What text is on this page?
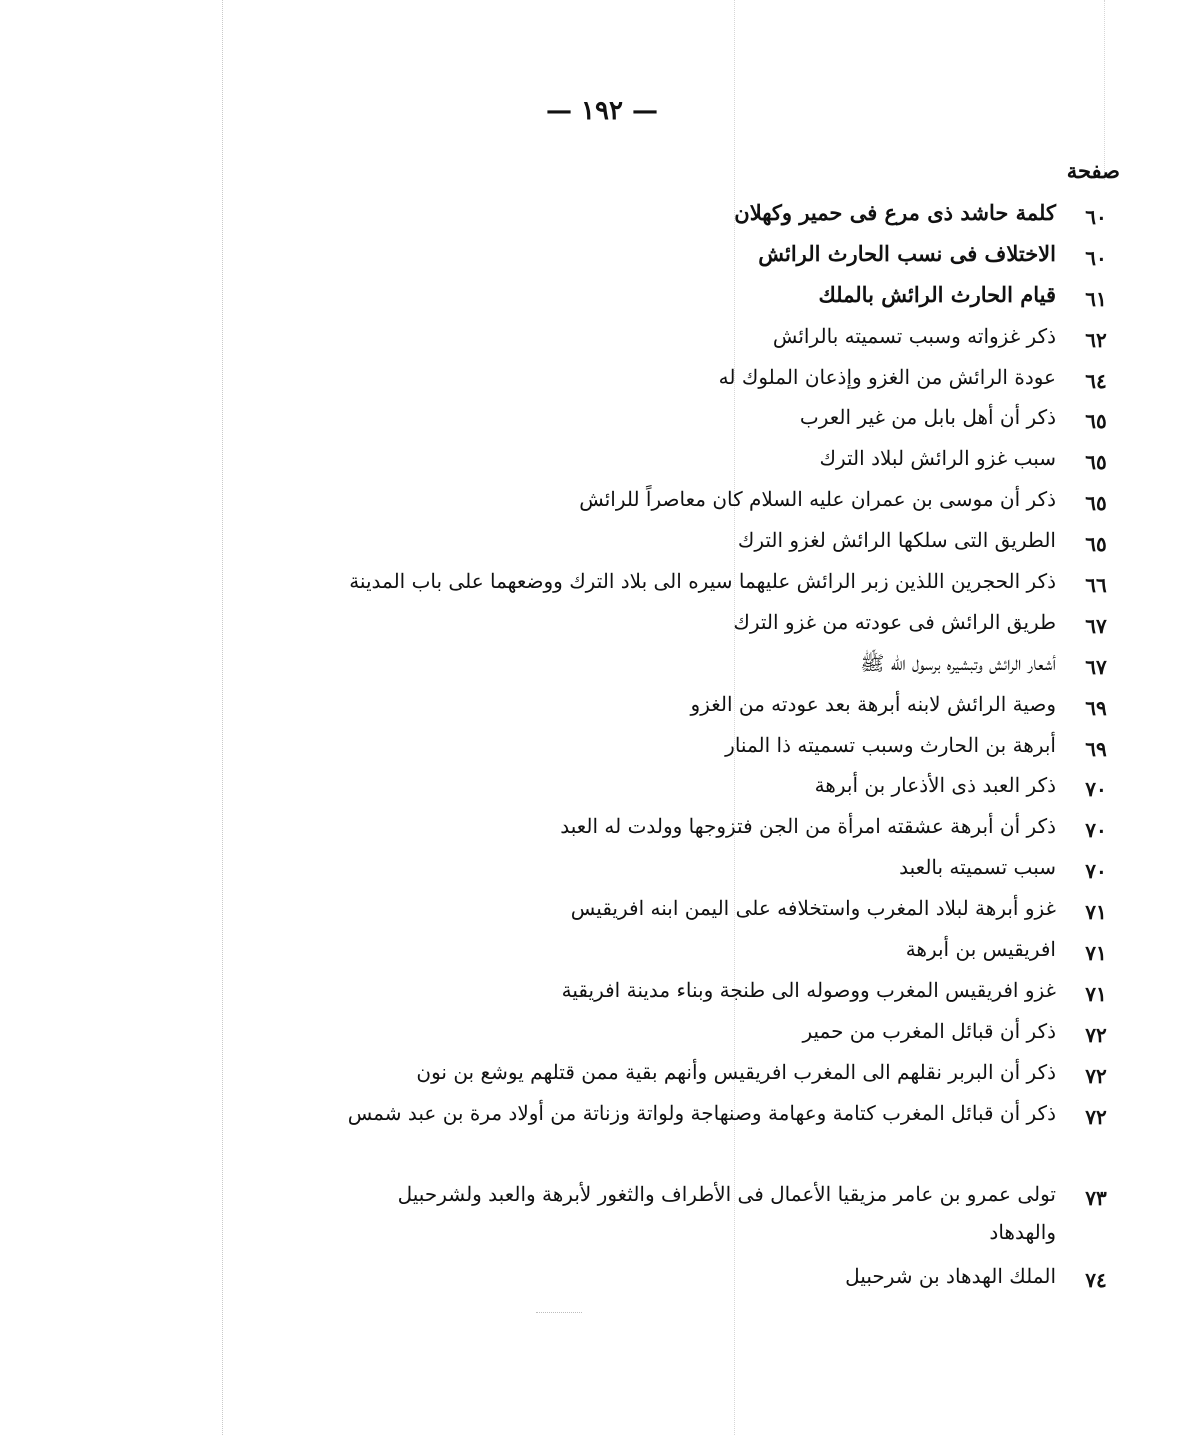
— ١٩٢ —
صفحة
٦٠
كلمة حاشد ذى مرع فى حمير وكهلان
٦٠
الاختلاف فى نسب الحارث الرائش
٦١
قيام الحارث الرائش بالملك
٦٢
ذكر غزواته وسبب تسميته بالرائش
٦٤
عودة الرائش من الغزو وإذعان الملوك له
٦٥
ذكر أن أهل بابل من غير العرب
٦٥
سبب غزو الرائش لبلاد الترك
٦٥
ذكر أن موسى بن عمران عليه السلام كان معاصراً للرائش
٦٥
الطريق التى سلكها الرائش لغزو الترك
٦٦
ذكر الحجرين اللذين زبر الرائش عليهما سيره الى بلاد الترك ووضعهما على باب المدينة
٦٧
طريق الرائش فى عودته من غزو الترك
٦٧
أشعار الرائش وتبشيره برسول الله ﷺ
٦٩
وصية الرائش لابنه أبرهة بعد عودته من الغزو
٦٩
أبرهة بن الحارث وسبب تسميته ذا المنار
٧٠
ذكر العبد ذى الأذعار بن أبرهة
٧٠
ذكر أن أبرهة عشقته امرأة من الجن فتزوجها وولدت له العبد
٧٠
سبب تسميته بالعبد
٧١
غزو أبرهة لبلاد المغرب واستخلافه على اليمن ابنه افريقيس
٧١
افريقيس بن أبرهة
٧١
غزو افريقيس المغرب ووصوله الى طنجة وبناء مدينة افريقية
٧٢
ذكر أن قبائل المغرب من حمير
٧٢
ذكر أن البربر نقلهم الى المغرب افريقيس وأنهم بقية ممن قتلهم يوشع بن نون
٧٢
ذكر أن قبائل المغرب كتامة وعهامة وصنهاجة ولواتة وزناتة من أولاد مرة بن عبد شمس
٧٣
تولى عمرو بن عامر مزيقيا الأعمال فى الأطراف والثغور لأبرهة والعبد ولشرحبيل والهدهاد
٧٤
الملك الهدهاد بن شرحبيل
